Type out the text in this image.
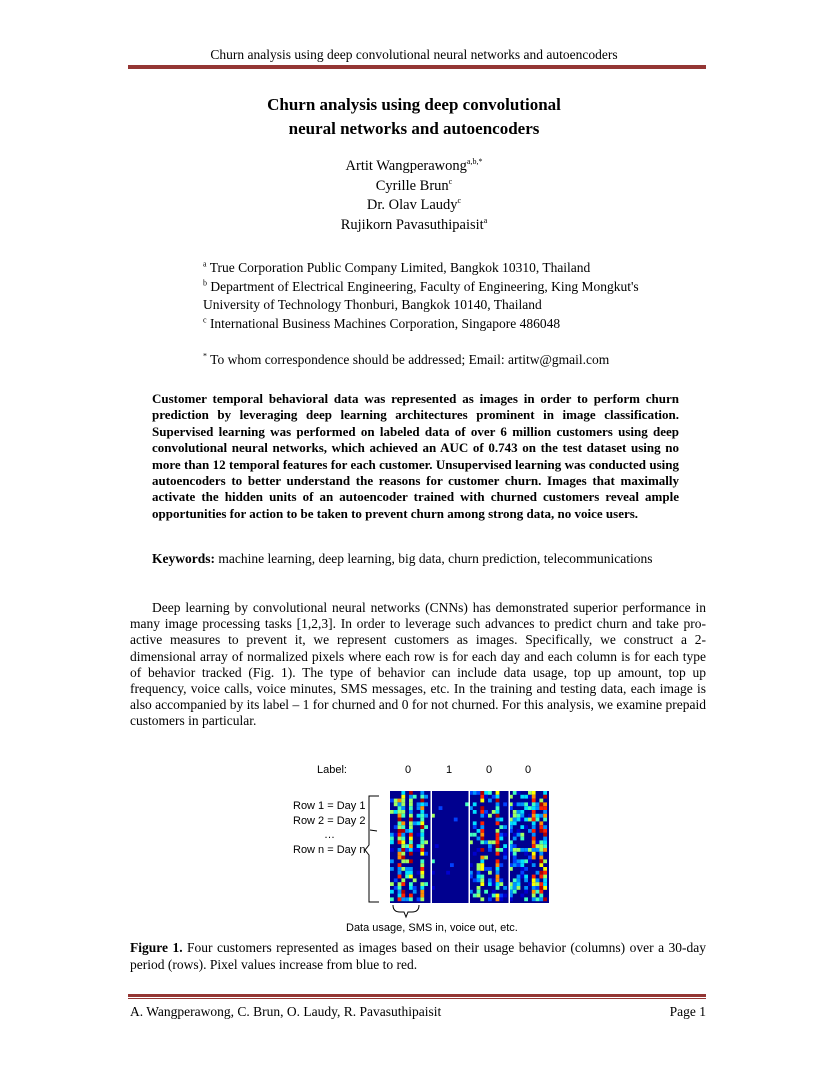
Churn analysis using deep convolutional neural networks and autoencoders
Churn analysis using deep convolutional
neural networks and autoencoders
Artit Wangperawong$^{a,b,*}$
Cyrille Brun$^c$
Dr. Olav Laudy$^c$
Rujikorn Pavasuthipaisit$^a$
$^a$ True Corporation Public Company Limited, Bangkok 10310, Thailand
$^b$ Department of Electrical Engineering, Faculty of Engineering, King Mongkut's University of Technology Thonburi, Bangkok 10140, Thailand
$^c$ International Business Machines Corporation, Singapore 486048
* To whom correspondence should be addressed; Email: artitw@gmail.com
Customer temporal behavioral data was represented as images in order to perform churn prediction by leveraging deep learning architectures prominent in image classification. Supervised learning was performed on labeled data of over 6 million customers using deep convolutional neural networks, which achieved an AUC of 0.743 on the test dataset using no more than 12 temporal features for each customer. Unsupervised learning was conducted using autoencoders to better understand the reasons for customer churn. Images that maximally activate the hidden units of an autoencoder trained with churned customers reveal ample opportunities for action to be taken to prevent churn among strong data, no voice users.
Keywords: machine learning, deep learning, big data, churn prediction, telecommunications
Deep learning by convolutional neural networks (CNNs) has demonstrated superior performance in many image processing tasks [1,2,3]. In order to leverage such advances to predict churn and take pro-active measures to prevent it, we represent customers as images. Specifically, we construct a 2-dimensional array of normalized pixels where each row is for each day and each column is for each type of behavior tracked (Fig. 1). The type of behavior can include data usage, top up amount, top up frequency, voice calls, voice minutes, SMS messages, etc. In the training and testing data, each image is also accompanied by its label – 1 for churned and 0 for not churned. For this analysis, we examine prepaid customers in particular.
Label:	0	1	0	0
Row 1 = Day 1
Row 2 = Day 2
…
Row n = Day n
Data usage, SMS in, voice out, etc.
Figure 1. Four customers represented as images based on their usage behavior (columns) over a 30-day period (rows). Pixel values increase from blue to red.
A. Wangperawong, C. Brun, O. Laudy, R. Pavasuthipaisit	Page 1
